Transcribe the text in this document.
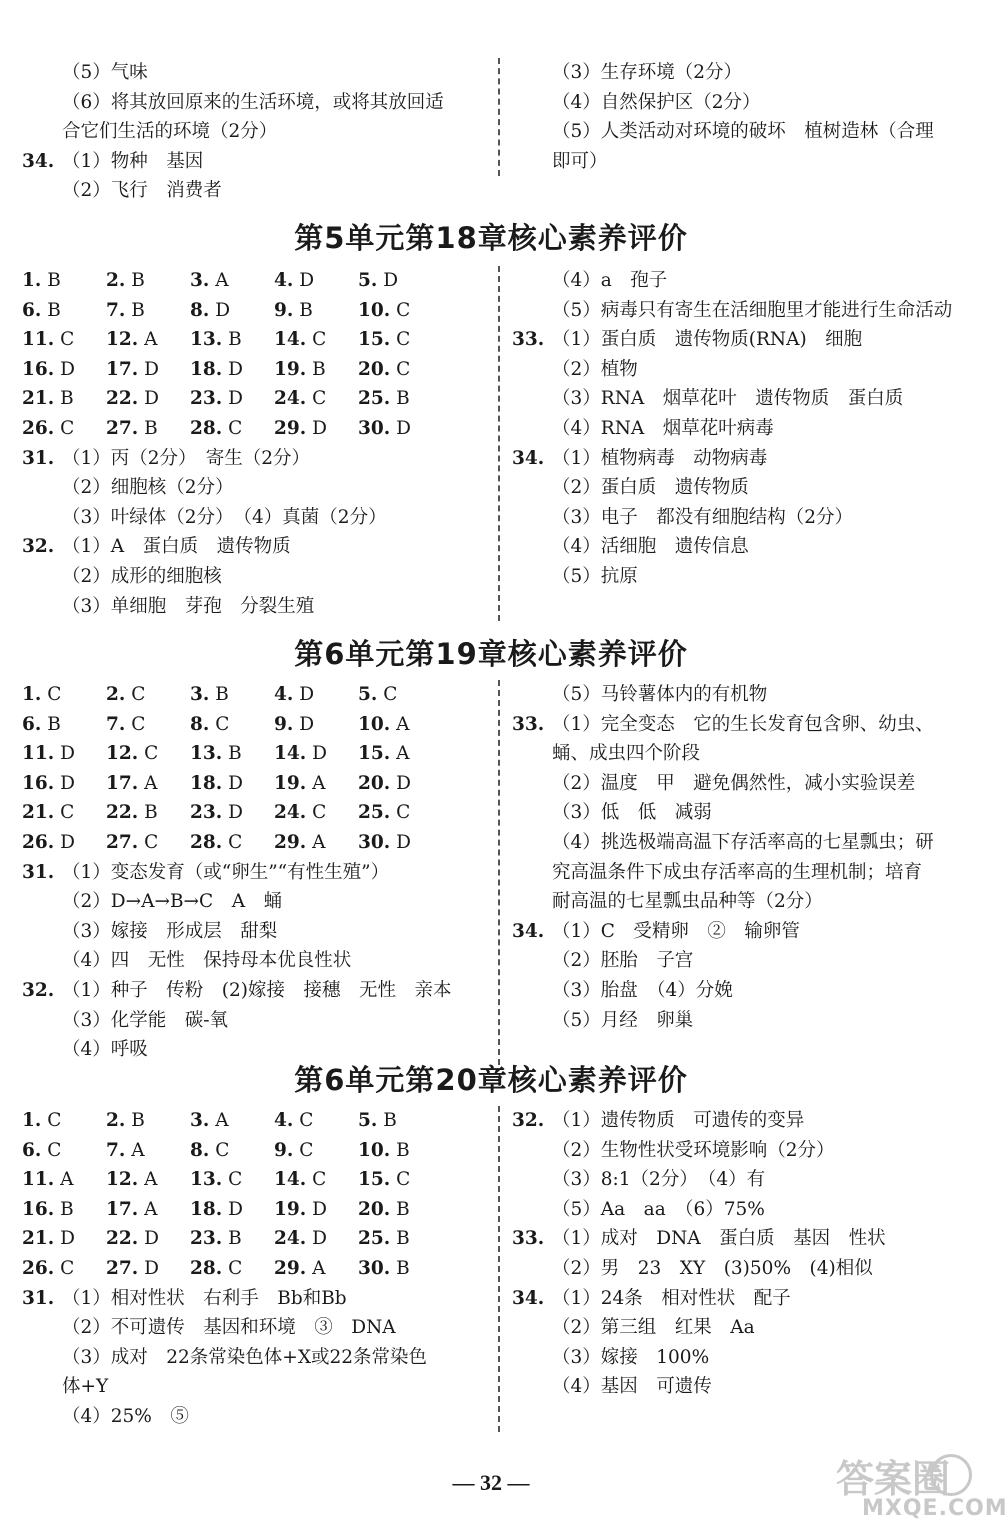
（5）气味
（6）将其放回原来的生活环境，或将其放回适
合它们生活的环境（2分）
34. （1）物种　基因
（2）飞行　消费者
（3）生存环境（2分）
（4）自然保护区（2分）
（5）人类活动对环境的破坏　植树造林（合理
即可）
第5单元第18章核心素养评价
1. B 2. B 3. A 4. D 5. D
6. B 7. B 8. D 9. B 10. C
11. C 12. A 13. B 14. C 15. C
16. D 17. D 18. D 19. B 20. C
21. B 22. D 23. D 24. C 25. B
26. C 27. B 28. C 29. D 30. D
31. （1）丙（2分）　寄生（2分）
（2）细胞核（2分）
（3）叶绿体（2分）　（4）真菌（2分）
32. （1）A　蛋白质　遗传物质
（2）成形的细胞核
（3）单细胞　芽孢　分裂生殖
（4）a　孢子
（5）病毒只有寄生在活细胞里才能进行生命活动
33. （1）蛋白质　遗传物质(RNA)　细胞
（2）植物
（3）RNA　烟草花叶　遗传物质　蛋白质
（4）RNA　烟草花叶病毒
34. （1）植物病毒　动物病毒
（2）蛋白质　遗传物质
（3）电子　都没有细胞结构（2分）
（4）活细胞　遗传信息
（5）抗原
第6单元第19章核心素养评价
1. C 2. C 3. B 4. D 5. C
6. B 7. C 8. C 9. D 10. A
11. D 12. C 13. B 14. D 15. A
16. D 17. A 18. D 19. A 20. D
21. C 22. B 23. D 24. C 25. C
26. D 27. C 28. C 29. A 30. D
31. （1）变态发育（或“卵生”“有性生殖”）
（2）D→A→B→C　A　蛹
（3）嫁接　形成层　甜梨
（4）四　无性　保持母本优良性状
32. （1）种子　传粉　(2)嫁接　接穗　无性　亲本
（3）化学能　碳-氧
（4）呼吸
（5）马铃薯体内的有机物
33. （1）完全变态　它的生长发育包含卵、幼虫、
蛹、成虫四个阶段
（2）温度　甲　避免偶然性，减小实验误差
（3）低　低　减弱
（4）挑选极端高温下存活率高的七星瓢虫；研
究高温条件下成虫存活率高的生理机制；培育
耐高温的七星瓢虫品种等（2分）
34. （1）C　受精卵　②　输卵管
（2）胚胎　子宫
（3）胎盘　（4）分娩
（5）月经　卵巢
第6单元第20章核心素养评价
1. C 2. B 3. A 4. C 5. B
6. C 7. A 8. C 9. C 10. B
11. A 12. A 13. C 14. C 15. C
16. B 17. A 18. D 19. D 20. B
21. D 22. D 23. B 24. D 25. B
26. C 27. D 28. C 29. A 30. B
31. （1）相对性状　右利手　Bb和Bb
（2）不可遗传　基因和环境　③　DNA
（3）成对　22条常染色体+X或22条常染色
体+Y
（4）25%　⑤
32. （1）遗传物质　可遗传的变异
（2）生物性状受环境影响（2分）
（3）8:1（2分）　（4）有
（5）Aa　aa　（6）75%
33. （1）成对　DNA　蛋白质　基因　性状
（2）男　23　XY　(3)50%　(4)相似
34. （1）24条　相对性状　配子
（2）第三组　红果　Aa
（3）嫁接　100%
（4）基因　可遗传
— 32 —	答案圈
MXQE.COM
